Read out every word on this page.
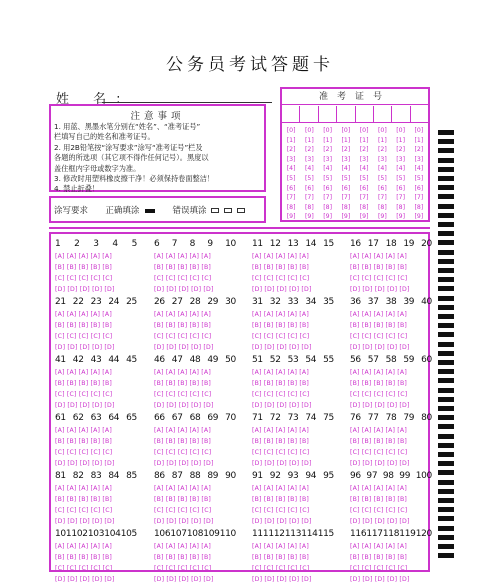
公务员考试答题卡
姓 名:
注意事项
1. 用蓝、黑墨水笔分别在“姓名”、“准考证号”
栏填写自己的姓名和准考证号。
2. 用2B铅笔按“涂写要求”涂写“准考证号”栏及
各题的所选项（其它项不得作任何记号）。黑度以
盖住框内字母或数字为准。
3. 修改时用塑料橡皮擦干净！必须保持卷面整洁！
4. 禁止折叠！
涂写要求 正确填涂	错误填涂
准考证号
[0]
[1]
[2]
[3]
[4]
[5]
[6]
[7]
[8]
[9]
[0]
[1]
[2]
[3]
[4]
[5]
[6]
[7]
[8]
[9]
[0]
[1]
[2]
[3]
[4]
[5]
[6]
[7]
[8]
[9]
[0]
[1]
[2]
[3]
[4]
[5]
[6]
[7]
[8]
[9]
[0]
[1]
[2]
[3]
[4]
[5]
[6]
[7]
[8]
[9]
[0]
[1]
[2]
[3]
[4]
[5]
[6]
[7]
[8]
[9]
[0]
[1]
[2]
[3]
[4]
[5]
[6]
[7]
[8]
[9]
[0]
[1]
[2]
[3]
[4]
[5]
[6]
[7]
[8]
[9]
1 2 3 4 5
[A] [A] [A] [A] [A]
[B] [B] [B] [B] [B]
[C] [C] [C] [C] [C]
[D] [D] [D] [D] [D]
6 7 8 9 10
[A] [A] [A] [A] [A]
[B] [B] [B] [B] [B]
[C] [C] [C] [C] [C]
[D] [D] [D] [D] [D]
11 12 13 14 15
[A] [A] [A] [A] [A]
[B] [B] [B] [B] [B]
[C] [C] [C] [C] [C]
[D] [D] [D] [D] [D]
16 17 18 19 20
[A] [A] [A] [A] [A]
[B] [B] [B] [B] [B]
[C] [C] [C] [C] [C]
[D] [D] [D] [D] [D]
21 22 23 24 25
[A] [A] [A] [A] [A]
[B] [B] [B] [B] [B]
[C] [C] [C] [C] [C]
[D] [D] [D] [D] [D]
26 27 28 29 30
[A] [A] [A] [A] [A]
[B] [B] [B] [B] [B]
[C] [C] [C] [C] [C]
[D] [D] [D] [D] [D]
31 32 33 34 35
[A] [A] [A] [A] [A]
[B] [B] [B] [B] [B]
[C] [C] [C] [C] [C]
[D] [D] [D] [D] [D]
36 37 38 39 40
[A] [A] [A] [A] [A]
[B] [B] [B] [B] [B]
[C] [C] [C] [C] [C]
[D] [D] [D] [D] [D]
41 42 43 44 45
[A] [A] [A] [A] [A]
[B] [B] [B] [B] [B]
[C] [C] [C] [C] [C]
[D] [D] [D] [D] [D]
46 47 48 49 50
[A] [A] [A] [A] [A]
[B] [B] [B] [B] [B]
[C] [C] [C] [C] [C]
[D] [D] [D] [D] [D]
51 52 53 54 55
[A] [A] [A] [A] [A]
[B] [B] [B] [B] [B]
[C] [C] [C] [C] [C]
[D] [D] [D] [D] [D]
56 57 58 59 60
[A] [A] [A] [A] [A]
[B] [B] [B] [B] [B]
[C] [C] [C] [C] [C]
[D] [D] [D] [D] [D]
61 62 63 64 65
[A] [A] [A] [A] [A]
[B] [B] [B] [B] [B]
[C] [C] [C] [C] [C]
[D] [D] [D] [D] [D]
66 67 68 69 70
[A] [A] [A] [A] [A]
[B] [B] [B] [B] [B]
[C] [C] [C] [C] [C]
[D] [D] [D] [D] [D]
71 72 73 74 75
[A] [A] [A] [A] [A]
[B] [B] [B] [B] [B]
[C] [C] [C] [C] [C]
[D] [D] [D] [D] [D]
76 77 78 79 80
[A] [A] [A] [A] [A]
[B] [B] [B] [B] [B]
[C] [C] [C] [C] [C]
[D] [D] [D] [D] [D]
81 82 83 84 85
[A] [A] [A] [A] [A]
[B] [B] [B] [B] [B]
[C] [C] [C] [C] [C]
[D] [D] [D] [D] [D]
86 87 88 89 90
[A] [A] [A] [A] [A]
[B] [B] [B] [B] [B]
[C] [C] [C] [C] [C]
[D] [D] [D] [D] [D]
91 92 93 94 95
[A] [A] [A] [A] [A]
[B] [B] [B] [B] [B]
[C] [C] [C] [C] [C]
[D] [D] [D] [D] [D]
96 97 98 99 100
[A] [A] [A] [A] [A]
[B] [B] [B] [B] [B]
[C] [C] [C] [C] [C]
[D] [D] [D] [D] [D]
101 102 103 104 105
[A] [A] [A] [A] [A]
[B] [B] [B] [B] [B]
[C] [C] [C] [C] [C]
[D] [D] [D] [D] [D]
106 107 108 109 110
[A] [A] [A] [A] [A]
[B] [B] [B] [B] [B]
[C] [C] [C] [C] [C]
[D] [D] [D] [D] [D]
111 112 113 114 115
[A] [A] [A] [A] [A]
[B] [B] [B] [B] [B]
[C] [C] [C] [C] [C]
[D] [D] [D] [D] [D]
116 117 118 119 120
[A] [A] [A] [A] [A]
[B] [B] [B] [B] [B]
[C] [C] [C] [C] [C]
[D] [D] [D] [D] [D]
